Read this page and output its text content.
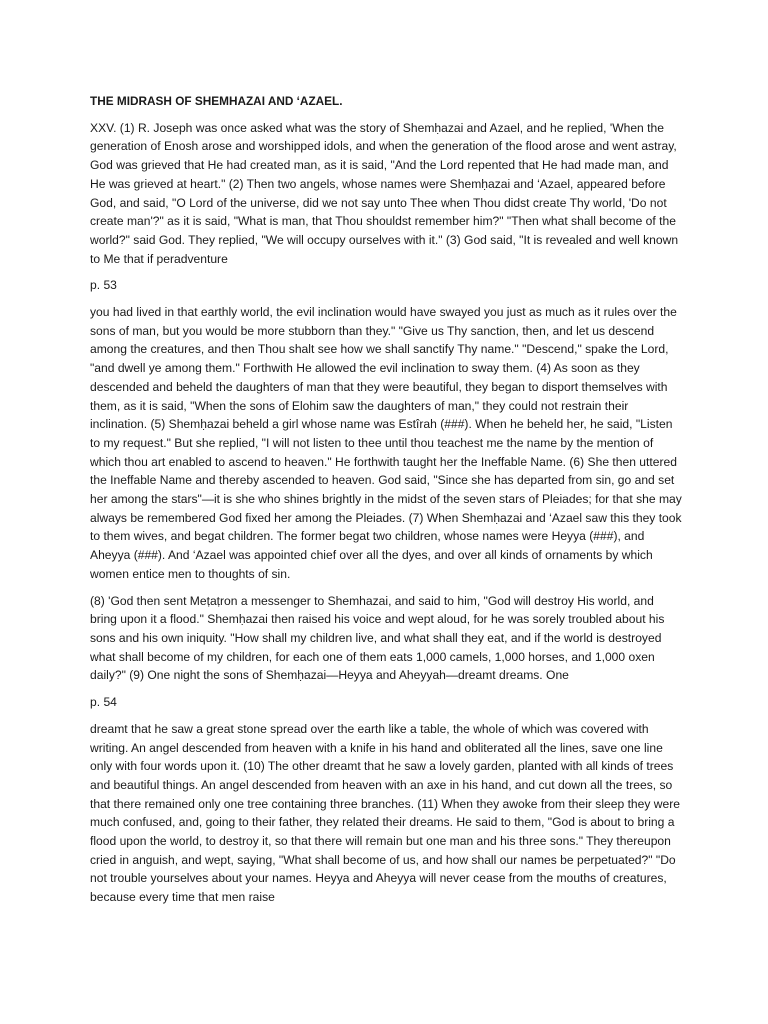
THE MIDRASH OF SHEMHAZAI AND ‘AZAEL.

XXV. (1) R. Joseph was once asked what was the story of Shemḥazai and Azael, and he replied, 'When the generation of Enosh arose and worshipped idols, and when the generation of the flood arose and went astray, God was grieved that He had created man, as it is said, "And the Lord repented that He had made man, and He was grieved at heart." (2) Then two angels, whose names were Shemḥazai and ‘Azael, appeared before God, and said, "O Lord of the universe, did we not say unto Thee when Thou didst create Thy world, 'Do not create man'?" as it is said, "What is man, that Thou shouldst remember him?" "Then what shall become of the world?" said God. They replied, "We will occupy ourselves with it." (3) God said, "It is revealed and well known to Me that if peradventure

p. 53

you had lived in that earthly world, the evil inclination would have swayed you just as much as it rules over the sons of man, but you would be more stubborn than they." "Give us Thy sanction, then, and let us descend among the creatures, and then Thou shalt see how we shall sanctify Thy name." "Descend," spake the Lord, "and dwell ye among them." Forthwith He allowed the evil inclination to sway them. (4) As soon as they descended and beheld the daughters of man that they were beautiful, they began to disport themselves with them, as it is said, "When the sons of Elohim saw the daughters of man," they could not restrain their inclination. (5) Shemḥazai beheld a girl whose name was Estîrah (###). When he beheld her, he said, "Listen to my request." But she replied, "I will not listen to thee until thou teachest me the name by the mention of which thou art enabled to ascend to heaven." He forthwith taught her the Ineffable Name. (6) She then uttered the Ineffable Name and thereby ascended to heaven. God said, "Since she has departed from sin, go and set her among the stars"—it is she who shines brightly in the midst of the seven stars of Pleiades; for that she may always be remembered God fixed her among the Pleiades. (7) When Shemḥazai and ‘Azael saw this they took to them wives, and begat children. The former begat two children, whose names were Heyya (###), and Aheyya (###). And ‘Azael was appointed chief over all the dyes, and over all kinds of ornaments by which women entice men to thoughts of sin.

(8) 'God then sent Meṭaṭron a messenger to Shemhazai, and said to him, "God will destroy His world, and bring upon it a flood." Shemḥazai then raised his voice and wept aloud, for he was sorely troubled about his sons and his own iniquity. "How shall my children live, and what shall they eat, and if the world is destroyed what shall become of my children, for each one of them eats 1,000 camels, 1,000 horses, and 1,000 oxen daily?" (9) One night the sons of Shemḥazai—Heyya and Aheyyah—dreamt dreams. One

p. 54

dreamt that he saw a great stone spread over the earth like a table, the whole of which was covered with writing. An angel descended from heaven with a knife in his hand and obliterated all the lines, save one line only with four words upon it. (10) The other dreamt that he saw a lovely garden, planted with all kinds of trees and beautiful things. An angel descended from heaven with an axe in his hand, and cut down all the trees, so that there remained only one tree containing three branches. (11) When they awoke from their sleep they were much confused, and, going to their father, they related their dreams. He said to them, "God is about to bring a flood upon the world, to destroy it, so that there will remain but one man and his three sons." They thereupon cried in anguish, and wept, saying, "What shall become of us, and how shall our names be perpetuated?" "Do not trouble yourselves about your names. Heyya and Aheyya will never cease from the mouths of creatures, because every time that men raise
